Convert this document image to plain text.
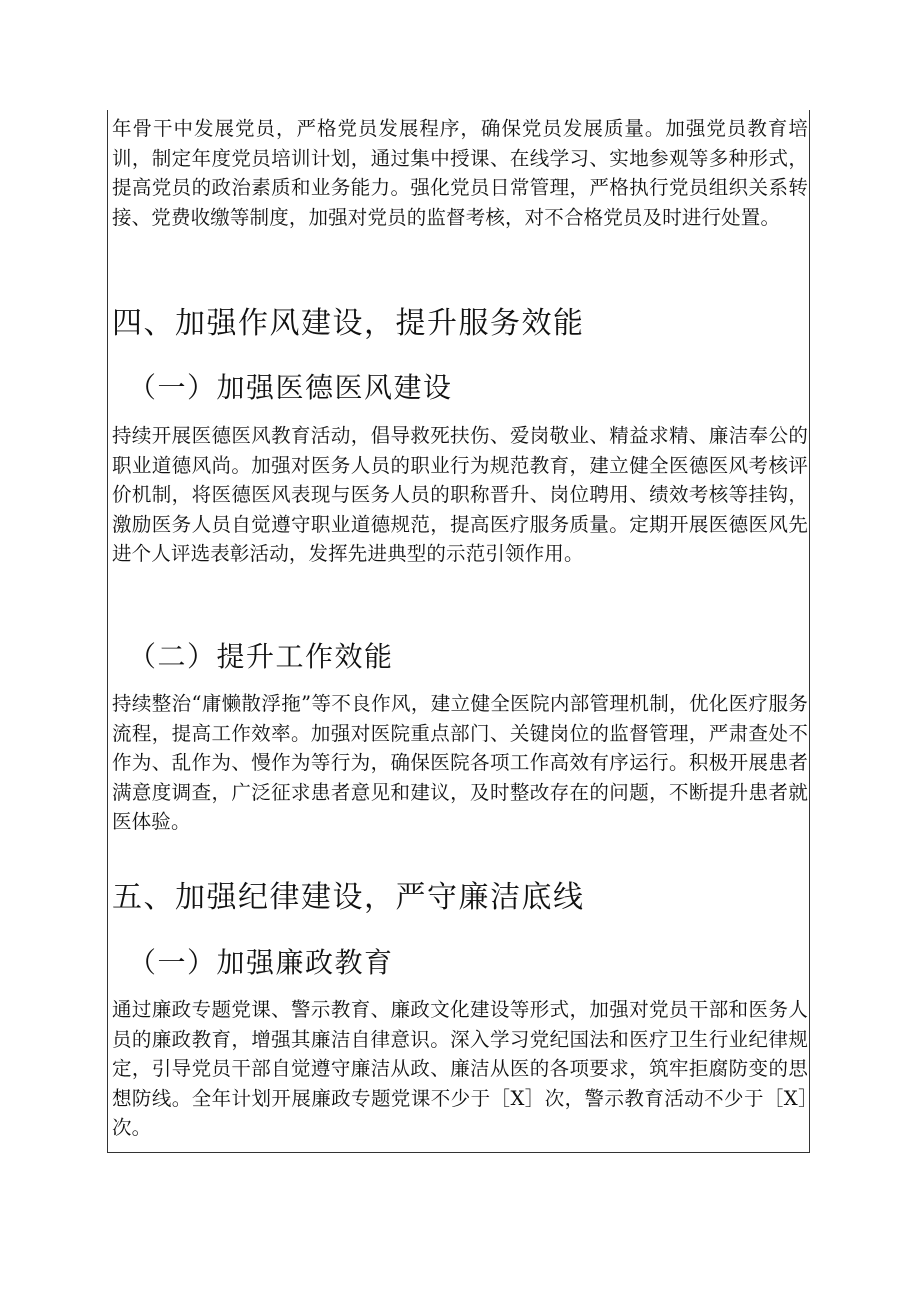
年骨干中发展党员，严格党员发展程序，确保党员发展质量。加强党员教育培训，制定年度党员培训计划，通过集中授课、在线学习、实地参观等多种形式，提高党员的政治素质和业务能力。强化党员日常管理，严格执行党员组织关系转接、党费收缴等制度，加强对党员的监督考核，对不合格党员及时进行处置。

四、加强作风建设，提升服务效能
（一）加强医德医风建设

持续开展医德医风教育活动，倡导救死扶伤、爱岗敬业、精益求精、廉洁奉公的职业道德风尚。加强对医务人员的职业行为规范教育，建立健全医德医风考核评价机制，将医德医风表现与医务人员的职称晋升、岗位聘用、绩效考核等挂钩，激励医务人员自觉遵守职业道德规范，提高医疗服务质量。定期开展医德医风先进个人评选表彰活动，发挥先进典型的示范引领作用。

（二）提升工作效能

持续整治“庸懒散浮拖”等不良作风，建立健全医院内部管理机制，优化医疗服务流程，提高工作效率。加强对医院重点部门、关键岗位的监督管理，严肃查处不作为、乱作为、慢作为等行为，确保医院各项工作高效有序运行。积极开展患者满意度调查，广泛征求患者意见和建议，及时整改存在的问题，不断提升患者就医体验。

五、加强纪律建设，严守廉洁底线
（一）加强廉政教育

通过廉政专题党课、警示教育、廉政文化建设等形式，加强对党员干部和医务人员的廉政教育，增强其廉洁自律意识。深入学习党纪国法和医疗卫生行业纪律规定，引导党员干部自觉遵守廉洁从政、廉洁从医的各项要求，筑牢拒腐防变的思想防线。全年计划开展廉政专题党课不少于［X］次，警示教育活动不少于［X］次。
